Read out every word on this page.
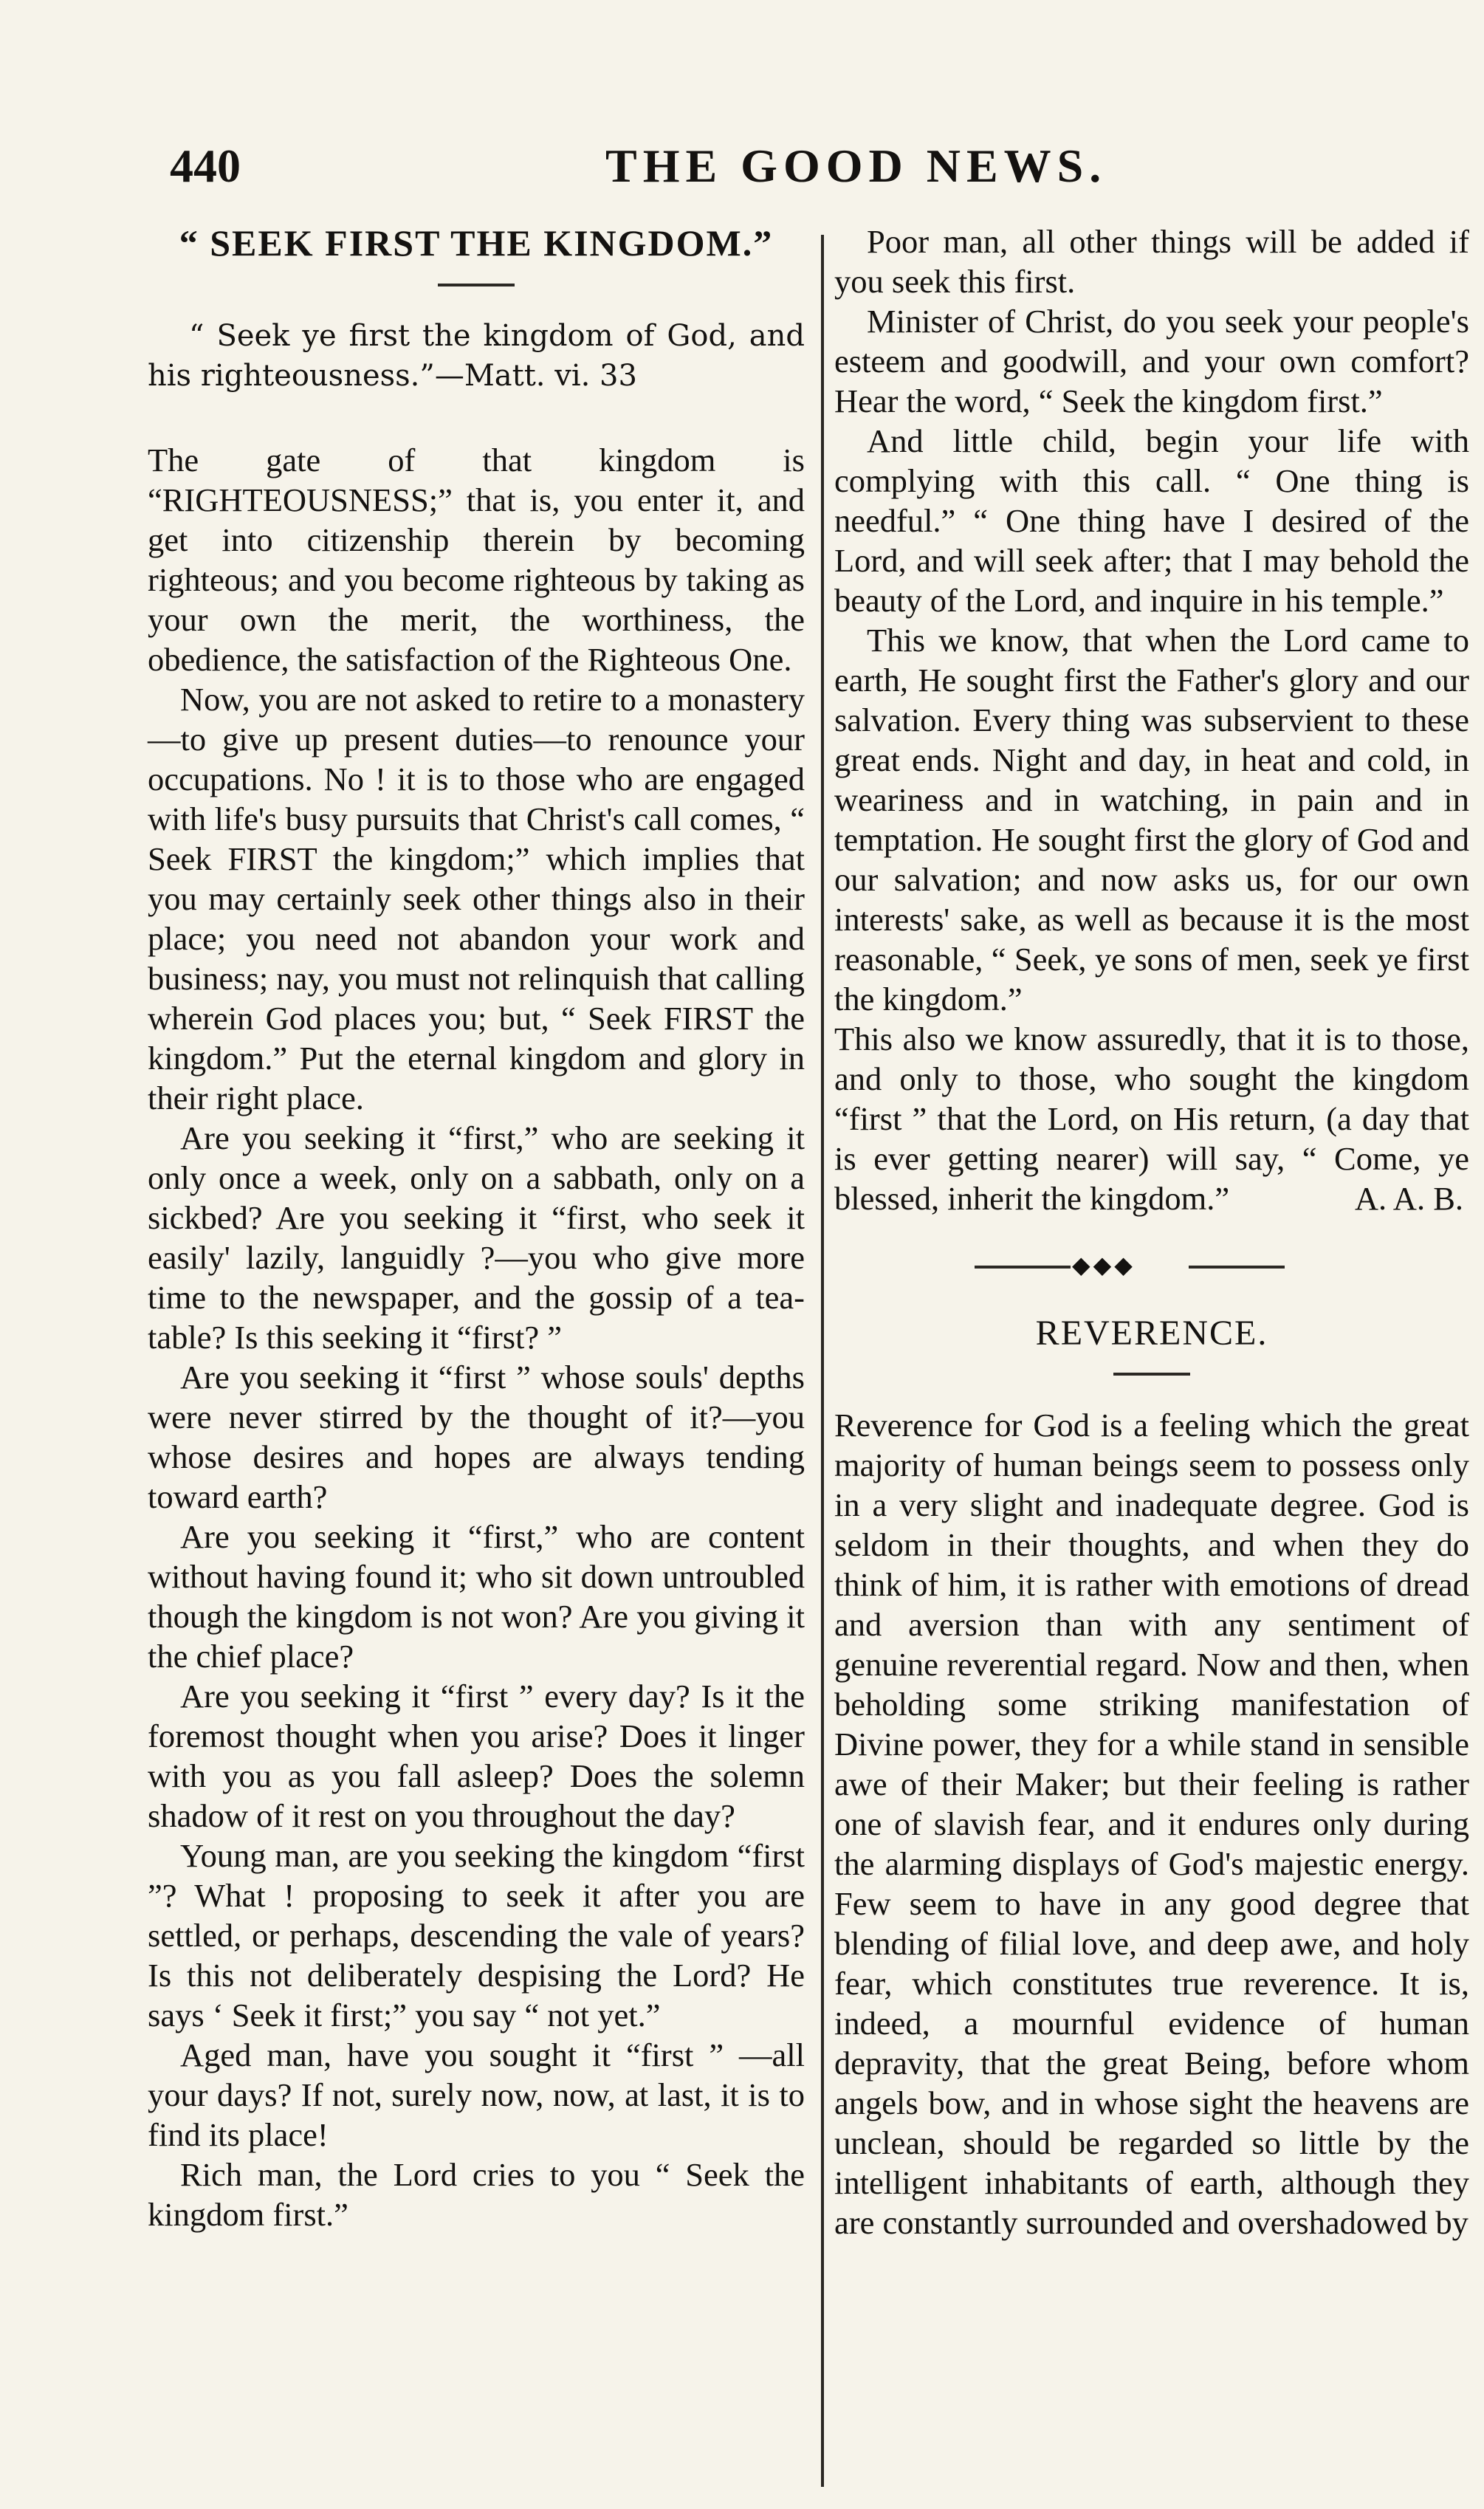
440	THE GOOD NEWS.
“ SEEK FIRST THE KINGDOM.”

“ Seek ye first the kingdom of God, and his righteousness.”—Matt. vi. 33

The gate of that kingdom is “RIGHTEOUSNESS;” that is, you enter it, and get into citizenship therein by becoming righteous; and you become righteous by taking as your own the merit, the worthiness, the obedience, the satisfaction of the Righteous One.

Now, you are not asked to retire to a monastery—to give up present duties—to renounce your occupations. No ! it is to those who are engaged with life's busy pursuits that Christ's call comes, “ Seek FIRST the kingdom;” which implies that you may certainly seek other things also in their place; you need not abandon your work and business; nay, you must not relinquish that calling wherein God places you; but, “ Seek FIRST the kingdom.” Put the eternal kingdom and glory in their right place.

Are you seeking it “first,” who are seeking it only once a week, only on a sabbath, only on a sickbed? Are you seeking it “first, who seek it easily' lazily, languidly ?—you who give more time to the newspaper, and the gossip of a tea-table? Is this seeking it “first? ”

Are you seeking it “first ” whose souls' depths were never stirred by the thought of it?—you whose desires and hopes are always tending toward earth?

Are you seeking it “first,” who are content without having found it; who sit down untroubled though the kingdom is not won? Are you giving it the chief place?

Are you seeking it “first ” every day? Is it the foremost thought when you arise? Does it linger with you as you fall asleep? Does the solemn shadow of it rest on you throughout the day?

Young man, are you seeking the kingdom “first ”? What ! proposing to seek it after you are settled, or perhaps, descending the vale of years? Is this not deliberately despising the Lord? He says ‘ Seek it first;” you say “ not yet.”

Aged man, have you sought it “first ” —all your days? If not, surely now, now, at last, it is to find its place!

Rich man, the Lord cries to you “ Seek the kingdom first.”

Poor man, all other things will be added if you seek this first.

Minister of Christ, do you seek your people's esteem and goodwill, and your own comfort? Hear the word, “ Seek the kingdom first.”

And little child, begin your life with complying with this call. “ One thing is needful.” “ One thing have I desired of the Lord, and will seek after; that I may behold the beauty of the Lord, and inquire in his temple.”

This we know, that when the Lord came to earth, He sought first the Father's glory and our salvation. Every thing was subservient to these great ends. Night and day, in heat and cold, in weariness and in watching, in pain and in temptation. He sought first the glory of God and our salvation; and now asks us, for our own interests' sake, as well as because it is the most reasonable, “ Seek, ye sons of men, seek ye first the kingdom.”

This also we know assuredly, that it is to those, and only to those, who sought the kingdom “first ” that the Lord, on His return, (a day that is ever getting nearer) will say, “ Come, ye blessed, inherit the kingdom.”	A. A. B.
◆◆◆
REVERENCE.

Reverence for God is a feeling which the great majority of human beings seem to possess only in a very slight and inadequate degree. God is seldom in their thoughts, and when they do think of him, it is rather with emotions of dread and aversion than with any sentiment of genuine reverential regard. Now and then, when beholding some striking manifestation of Divine power, they for a while stand in sensible awe of their Maker; but their feeling is rather one of slavish fear, and it endures only during the alarming displays of God's majestic energy. Few seem to have in any good degree that blending of filial love, and deep awe, and holy fear, which constitutes true reverence. It is, indeed, a mournful evidence of human depravity, that the great Being, before whom angels bow, and in whose sight the heavens are unclean, should be regarded so little by the intelligent inhabitants of earth, although they are constantly surrounded and overshadowed by
